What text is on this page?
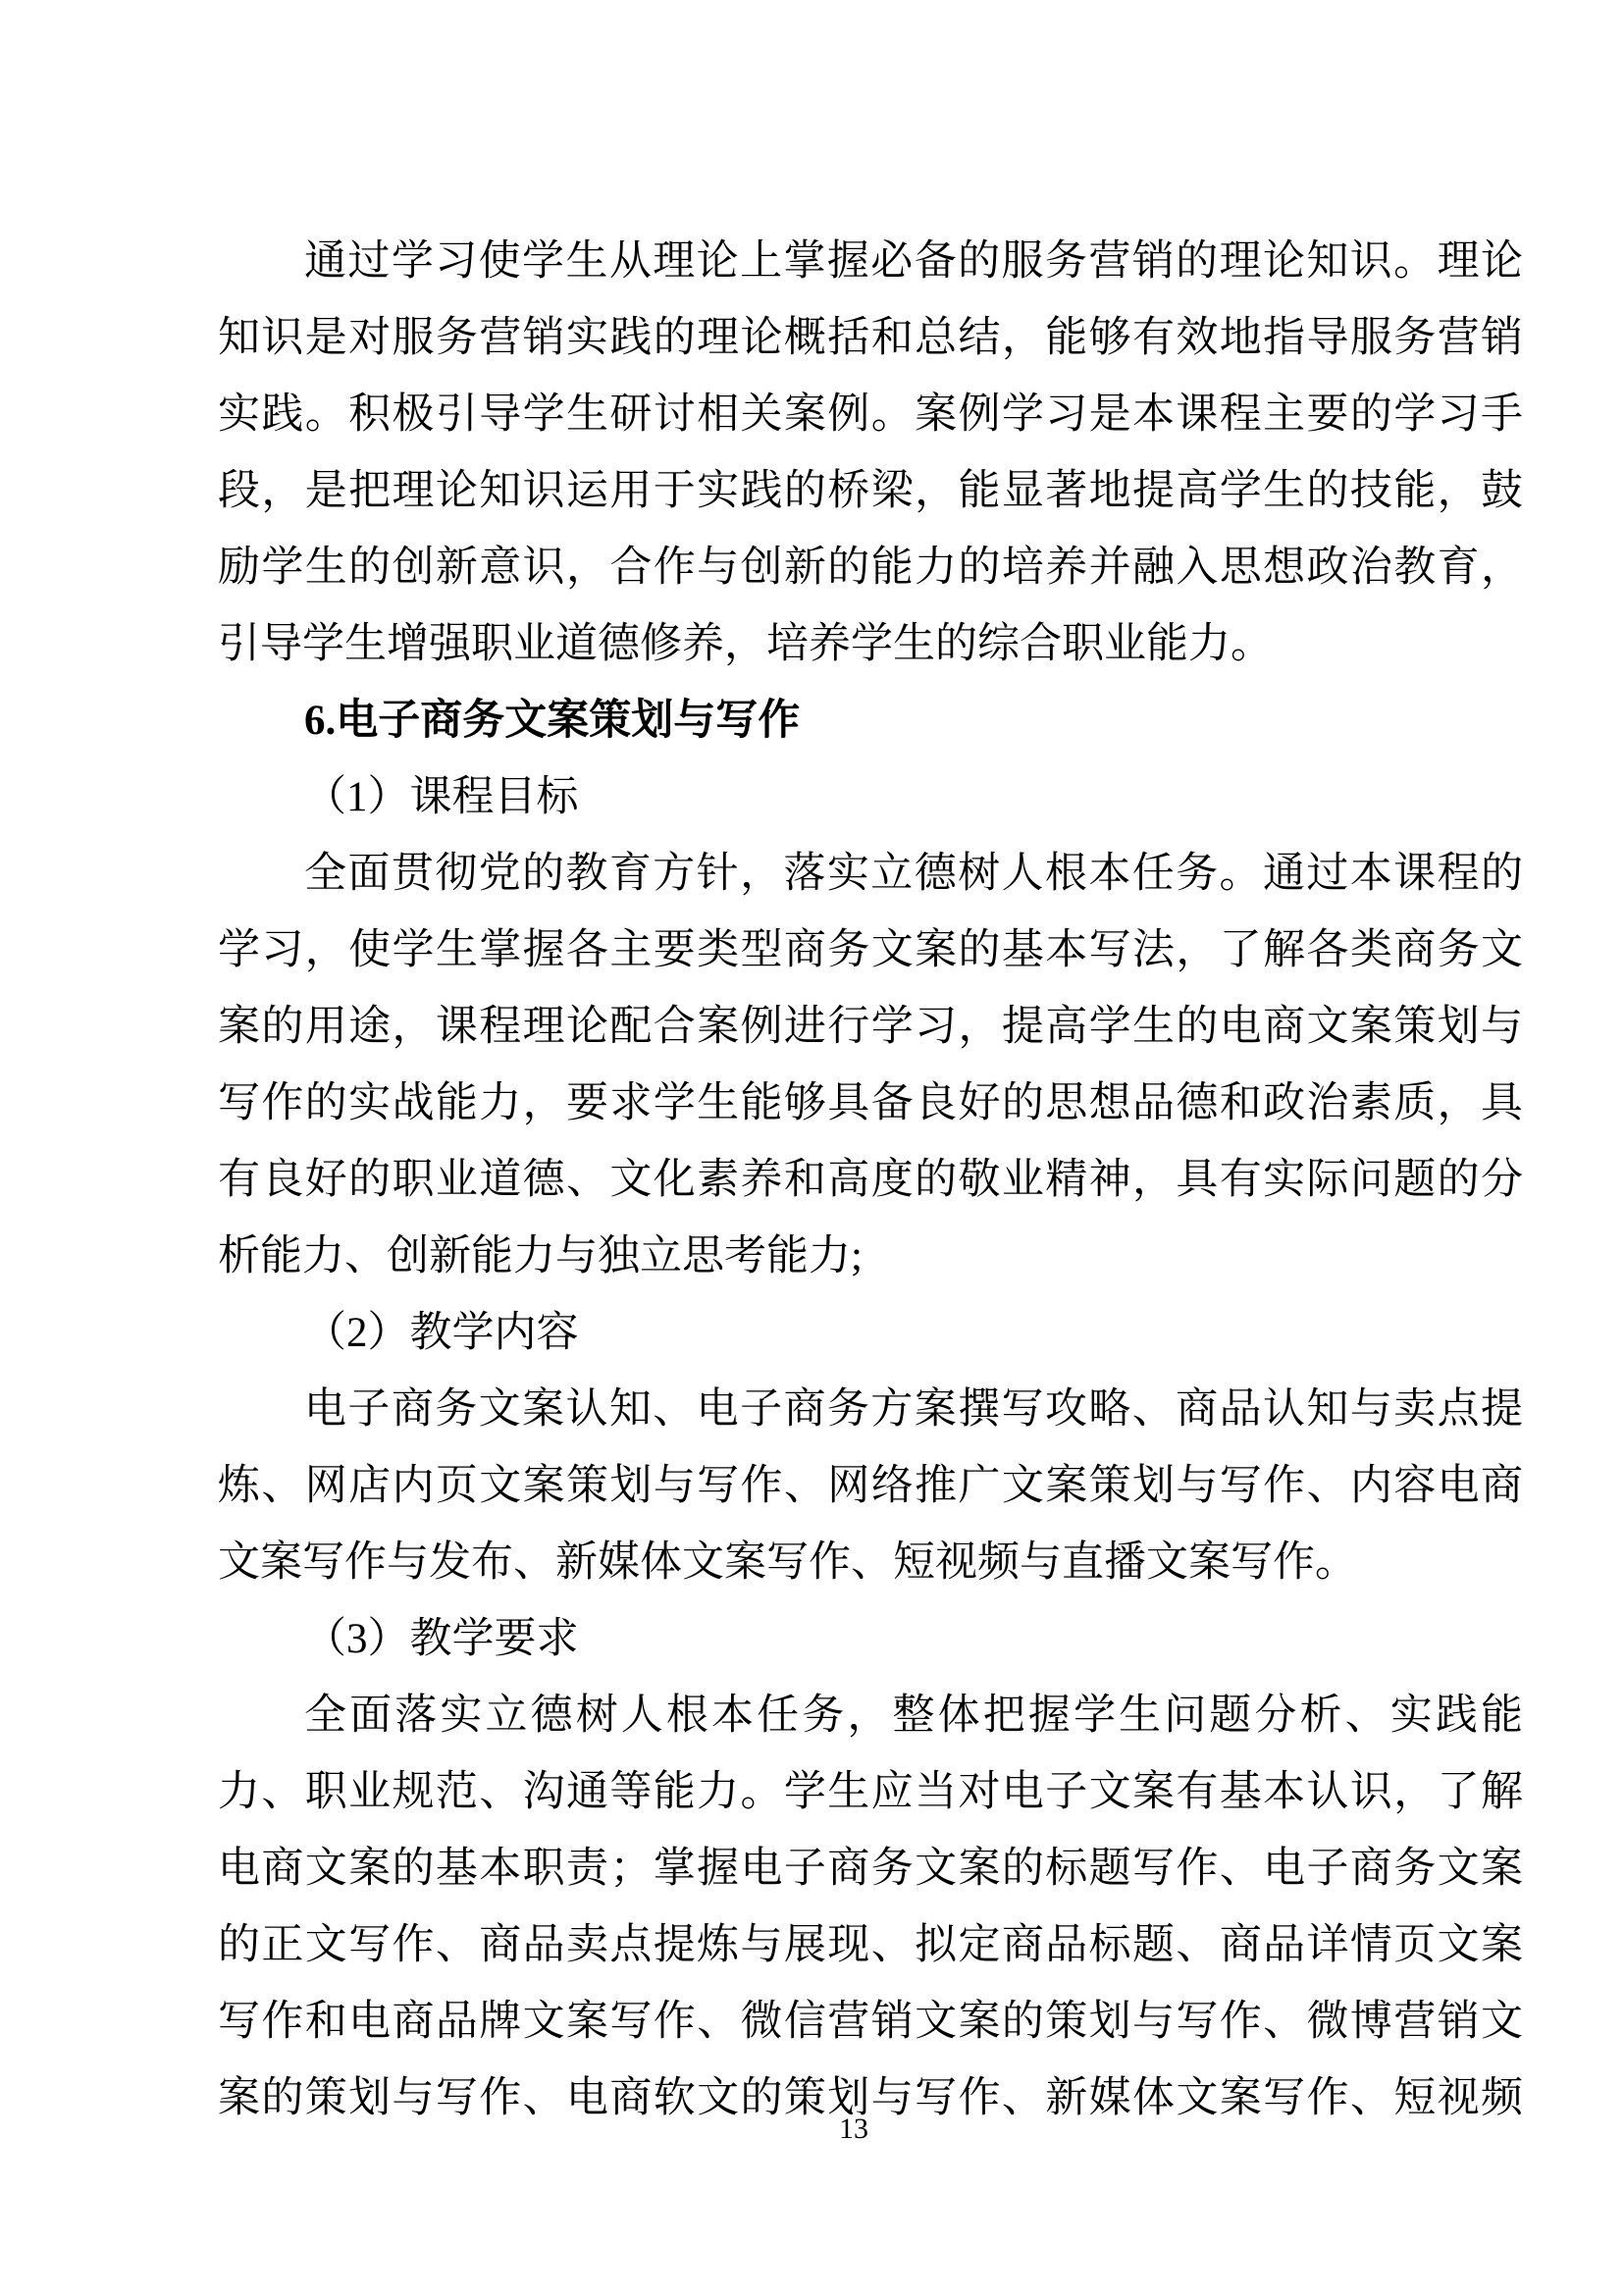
通过学习使学生从理论上掌握必备的服务营销的理论知识。理论
知识是对服务营销实践的理论概括和总结，能够有效地指导服务营销
实践。积极引导学生研讨相关案例。案例学习是本课程主要的学习手
段，是把理论知识运用于实践的桥梁，能显著地提高学生的技能，鼓
励学生的创新意识，合作与创新的能力的培养并融入思想政治教育，
引导学生增强职业道德修养，培养学生的综合职业能力。
6.电子商务文案策划与写作
（1）课程目标
全面贯彻党的教育方针，落实立德树人根本任务。通过本课程的
学习，使学生掌握各主要类型商务文案的基本写法，了解各类商务文
案的用途，课程理论配合案例进行学习，提高学生的电商文案策划与
写作的实战能力，要求学生能够具备良好的思想品德和政治素质，具
有良好的职业道德、文化素养和高度的敬业精神，具有实际问题的分
析能力、创新能力与独立思考能力;
（2）教学内容
电子商务文案认知、电子商务方案撰写攻略、商品认知与卖点提
炼、网店内页文案策划与写作、网络推广文案策划与写作、内容电商
文案写作与发布、新媒体文案写作、短视频与直播文案写作。
（3）教学要求
全面落实立德树人根本任务，整体把握学生问题分析、实践能
力、职业规范、沟通等能力。学生应当对电子文案有基本认识，了解
电商文案的基本职责；掌握电子商务文案的标题写作、电子商务文案
的正文写作、商品卖点提炼与展现、拟定商品标题、商品详情页文案
写作和电商品牌文案写作、微信营销文案的策划与写作、微博营销文
案的策划与写作、电商软文的策划与写作、新媒体文案写作、短视频
13
